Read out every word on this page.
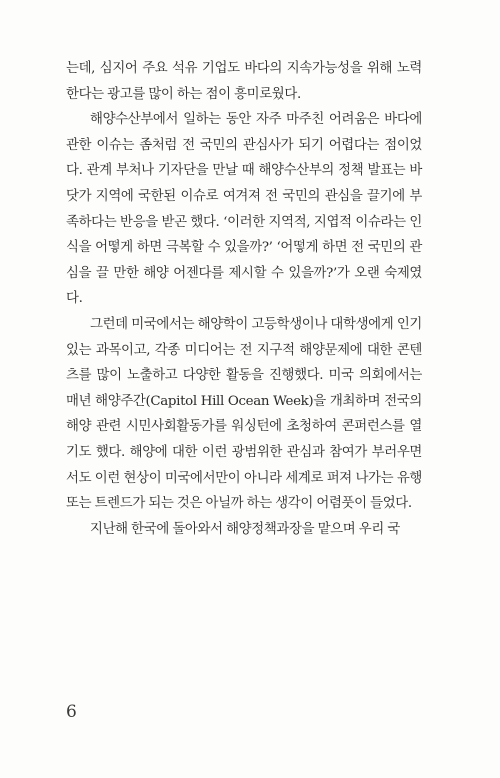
는데, 심지어 주요 석유 기업도 바다의 지속가능성을 위해 노력한다는 광고를 많이 하는 점이 흥미로웠다.

해양수산부에서 일하는 동안 자주 마주친 어려움은 바다에 관한 이슈는 좀처럼 전 국민의 관심사가 되기 어렵다는 점이었다. 관계 부처나 기자단을 만날 때 해양수산부의 정책 발표는 바닷가 지역에 국한된 이슈로 여겨져 전 국민의 관심을 끌기에 부족하다는 반응을 받곤 했다. ‘이러한 지역적, 지엽적 이슈라는 인식을 어떻게 하면 극복할 수 있을까?’ ‘어떻게 하면 전 국민의 관심을 끌 만한 해양 어젠다를 제시할 수 있을까?’가 오랜 숙제였다.

그런데 미국에서는 해양학이 고등학생이나 대학생에게 인기 있는 과목이고, 각종 미디어는 전 지구적 해양문제에 대한 콘텐츠를 많이 노출하고 다양한 활동을 진행했다. 미국 의회에서는 매년 해양주간(Capitol Hill Ocean Week)을 개최하며 전국의 해양 관련 시민사회활동가를 워싱턴에 초청하여 콘퍼런스를 열기도 했다. 해양에 대한 이런 광범위한 관심과 참여가 부러우면서도 이런 현상이 미국에서만이 아니라 세계로 퍼져 나가는 유행 또는 트렌드가 되는 것은 아닐까 하는 생각이 어렴풋이 들었다.

지난해 한국에 돌아와서 해양정책과장을 맡으며 우리 국

6
